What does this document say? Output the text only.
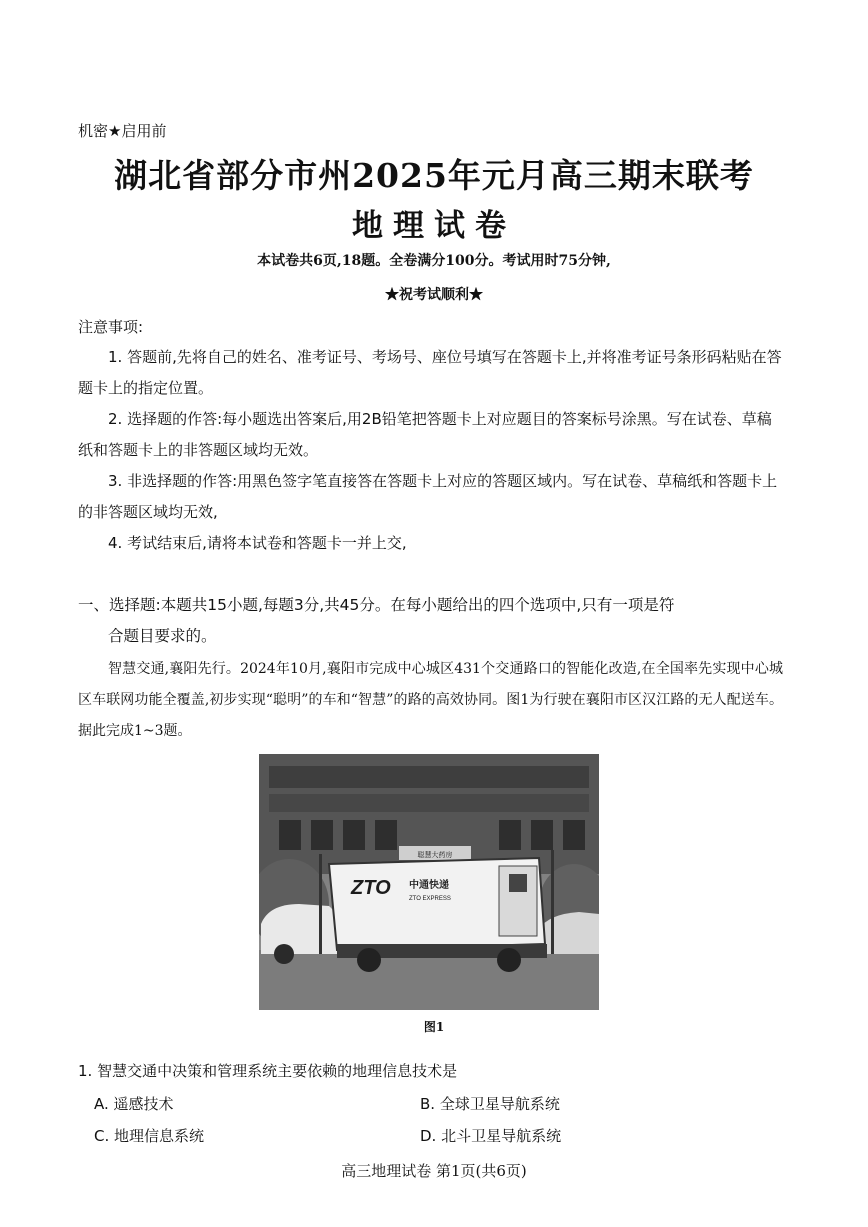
机密★启用前
湖北省部分市州2025年元月高三期末联考
地理试卷
本试卷共6页,18题。全卷满分100分。考试用时75分钟,
★祝考试顺利★
注意事项:
1. 答题前,先将自己的姓名、准考证号、考场号、座位号填写在答题卡上,并将准考证号条形码粘贴在答题卡上的指定位置。
2. 选择题的作答:每小题选出答案后,用2B铅笔把答题卡上对应题目的答案标号涂黑。写在试卷、草稿纸和答题卡上的非答题区域均无效。
3. 非选择题的作答:用黑色签字笔直接答在答题卡上对应的答题区域内。写在试卷、草稿纸和答题卡上的非答题区域均无效,
4. 考试结束后,请将本试卷和答题卡一并上交,
一、选择题:本题共15小题,每题3分,共45分。在每小题给出的四个选项中,只有一项是符
合题目要求的。
智慧交通,襄阳先行。2024年10月,襄阳市完成中心城区431个交通路口的智能化改造,在全国率先实现中心城区车联网功能全覆盖,初步实现“聪明”的车和“智慧”的路的高效协同。图1为行驶在襄阳市区汉江路的无人配送车。据此完成1~3题。
聪慧大药房
ZTO 中通快递
ZTO EXPRESS
图1
1. 智慧交通中决策和管理系统主要依赖的地理信息技术是
A. 遥感技术	B. 全球卫星导航系统
C. 地理信息系统	D. 北斗卫星导航系统
高三地理试卷 第1页(共6页)
